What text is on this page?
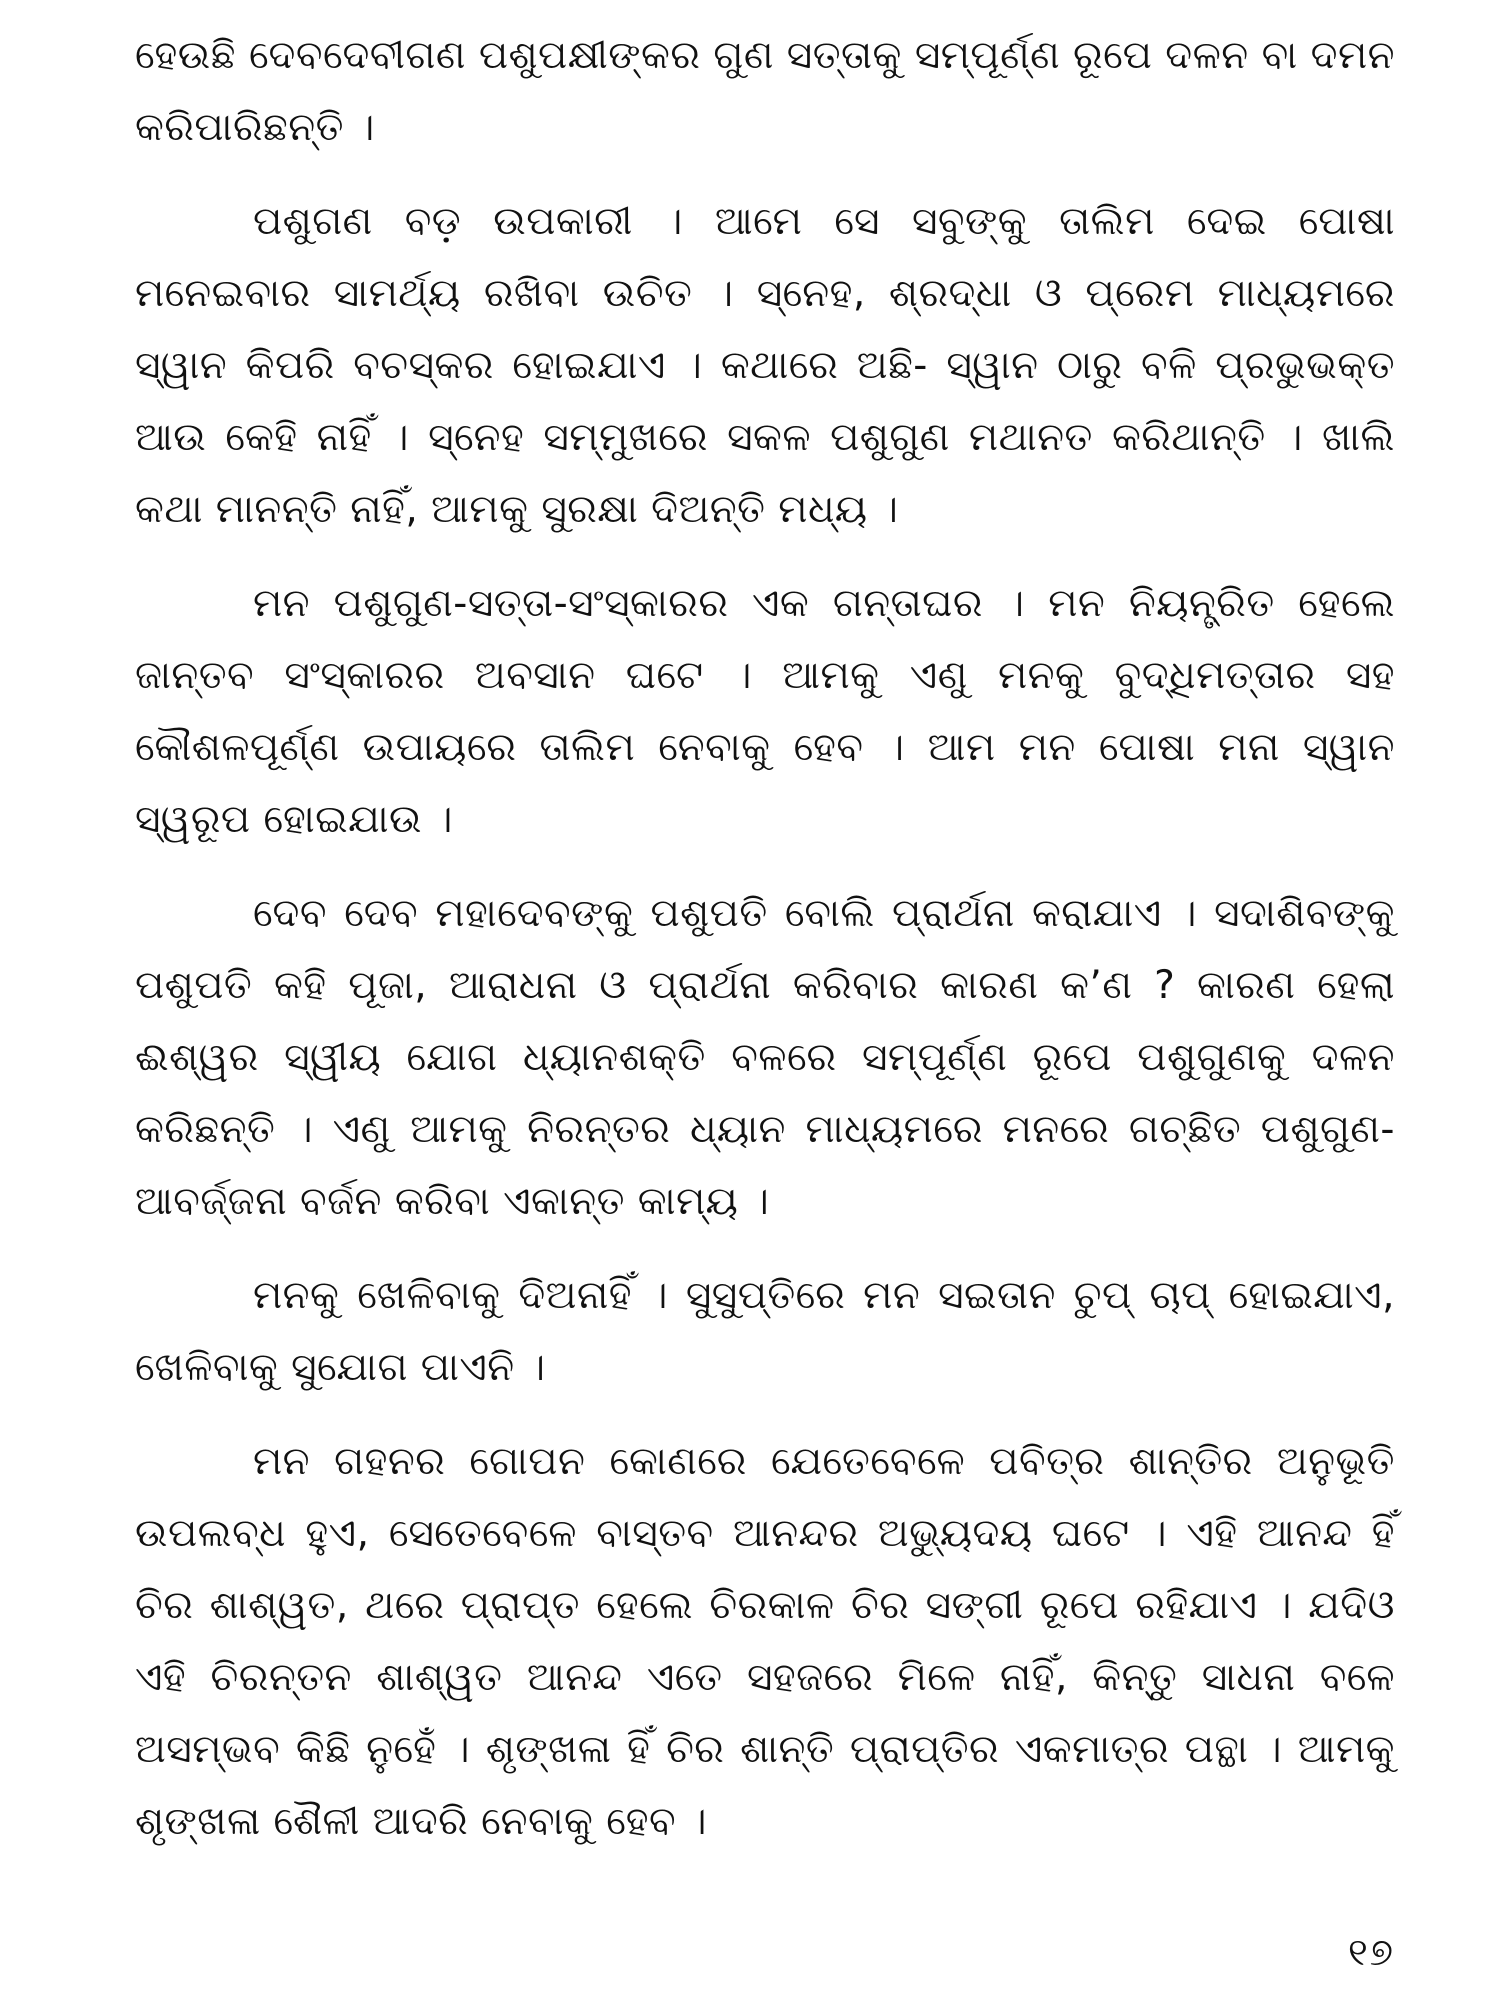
ହେଉଛି ଦେବଦେବୀଗଣ ପଶୁପକ୍ଷୀଙ୍କର ଗୁଣ ସତ୍ତାକୁ ସମ୍ପୂର୍ଣ୍ଣ ରୂପେ ଦଳନ ବା ଦମନ କରିପାରିଛନ୍ତି ।

ପଶୁଗଣ ବଡ଼ ଉପକାରୀ । ଆମେ ସେ ସବୁଙ୍କୁ ତାଲିମ ଦେଇ ପୋଷା ମନେଇବାର ସାମର୍ଥ୍ୟ ରଖିବା ଉଚିତ । ସ୍ନେହ, ଶ୍ରଦ୍ଧା ଓ ପ୍ରେମ ମାଧ୍ୟମରେ ସ୍ୱାନ କିପରି ବଚସ୍କର ହୋଇଯାଏ । କଥାରେ ଅଛି- ସ୍ୱାନ ଠାରୁ ବଳି ପ୍ରଭୁଭକ୍ତ ଆଉ କେହି ନାହିଁ । ସ୍ନେହ ସମ୍ମୁଖରେ ସକଳ ପଶୁଗୁଣ ମଥାନତ କରିଥାନ୍ତି । ଖାଲି କଥା ମାନନ୍ତି ନାହିଁ, ଆମକୁ ସୁରକ୍ଷା ଦିଅନ୍ତି ମଧ୍ୟ ।

ମନ ପଶୁଗୁଣ-ସତ୍ତା-ସଂସ୍କାରର ଏକ ଗନ୍ତାଘର । ମନ ନିୟନ୍ତ୍ରିତ ହେଲେ ଜାନ୍ତବ ସଂସ୍କାରର ଅବସାନ ଘଟେ । ଆମକୁ ଏଣୁ ମନକୁ ବୁଦ୍ଧିମତ୍ତାର ସହ କୌଶଳପୂର୍ଣ୍ଣ ଉପାୟରେ ତାଲିମ ନେବାକୁ ହେବ । ଆମ ମନ ପୋଷା ମନା ସ୍ୱାନ ସ୍ୱରୂପ ହୋଇଯାଉ ।

ଦେବ ଦେବ ମହାଦେବଙ୍କୁ ପଶୁପତି ବୋଲି ପ୍ରାର୍ଥନା କରାଯାଏ । ସଦାଶିବଙ୍କୁ ପଶୁପତି କହି ପୂଜା, ଆରାଧନା ଓ ପ୍ରାର୍ଥନା କରିବାର କାରଣ କ’ଣ ? କାରଣ ହେଲା ଈଶ୍ୱର ସ୍ୱୀୟ ଯୋଗ ଧ୍ୟାନଶକ୍ତି ବଳରେ ସମ୍ପୂର୍ଣ୍ଣ ରୂପେ ପଶୁଗୁଣକୁ ଦଳନ କରିଛନ୍ତି । ଏଣୁ ଆମକୁ ନିରନ୍ତର ଧ୍ୟାନ ମାଧ୍ୟମରେ ମନରେ ଗଚ୍ଛିତ ପଶୁଗୁଣ-ଆବର୍ଜ୍ଜନା ବର୍ଜନ କରିବା ଏକାନ୍ତ କାମ୍ୟ ।

ମନକୁ ଖେଳିବାକୁ ଦିଅନାହିଁ । ସୁସୁପ୍ତିରେ ମନ ସଇତାନ ଚୁପ୍ ଚାପ୍ ହୋଇଯାଏ, ଖେଳିବାକୁ ସୁଯୋଗ ପାଏନି ।

ମନ ଗହନର ଗୋପନ କୋଣରେ ଯେତେବେଳେ ପବିତ୍ର ଶାନ୍ତିର ଅନୁଭୂତି ଉପଲବ୍ଧ ହୁଏ, ସେତେବେଳେ ବାସ୍ତବ ଆନନ୍ଦର ଅଭ୍ୟୁଦୟ ଘଟେ । ଏହି ଆନନ୍ଦ ହିଁ ଚିର ଶାଶ୍ୱତ, ଥରେ ପ୍ରାପ୍ତ ହେଲେ ଚିରକାଳ ଚିର ସଙ୍ଗୀ ରୂପେ ରହିଯାଏ । ଯଦିଓ ଏହି ଚିରନ୍ତନ ଶାଶ୍ୱତ ଆନନ୍ଦ ଏତେ ସହଜରେ ମିଳେ ନାହିଁ, କିନ୍ତୁ ସାଧନା ବଳେ ଅସମ୍ଭବ କିଛି ନୁହେଁ । ଶୃଙ୍ଖଳା ହିଁ ଚିର ଶାନ୍ତି ପ୍ରାପ୍ତିର ଏକମାତ୍ର ପନ୍ଥା । ଆମକୁ ଶୃଙ୍ଖଳା ଶୈଳୀ ଆଦରି ନେବାକୁ ହେବ ।

୧୭
